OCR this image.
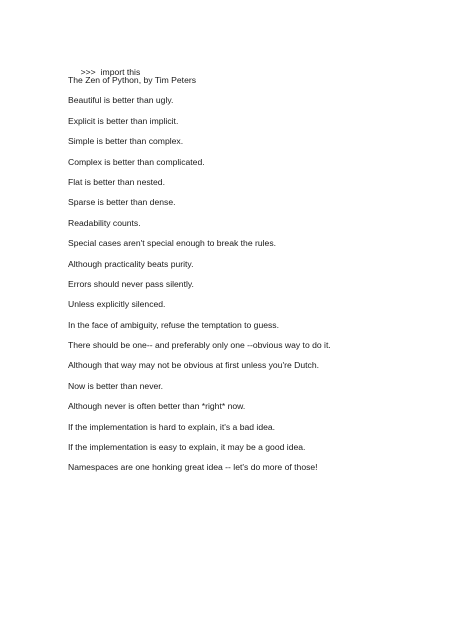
>>> import this

The Zen of Python, by Tim Peters
Beautiful is better than ugly.
Explicit is better than implicit.
Simple is better than complex.
Complex is better than complicated.
Flat is better than nested.
Sparse is better than dense.
Readability counts.
Special cases aren't special enough to break the rules.
Although practicality beats purity.
Errors should never pass silently.
Unless explicitly silenced.
In the face of ambiguity, refuse the temptation to guess.
There should be one-- and preferably only one --obvious way to do it.
Although that way may not be obvious at first unless you're Dutch.
Now is better than never.
Although never is often better than *right* now.
If the implementation is hard to explain, it's a bad idea.
If the implementation is easy to explain, it may be a good idea.
Namespaces are one honking great idea -- let's do more of those!
